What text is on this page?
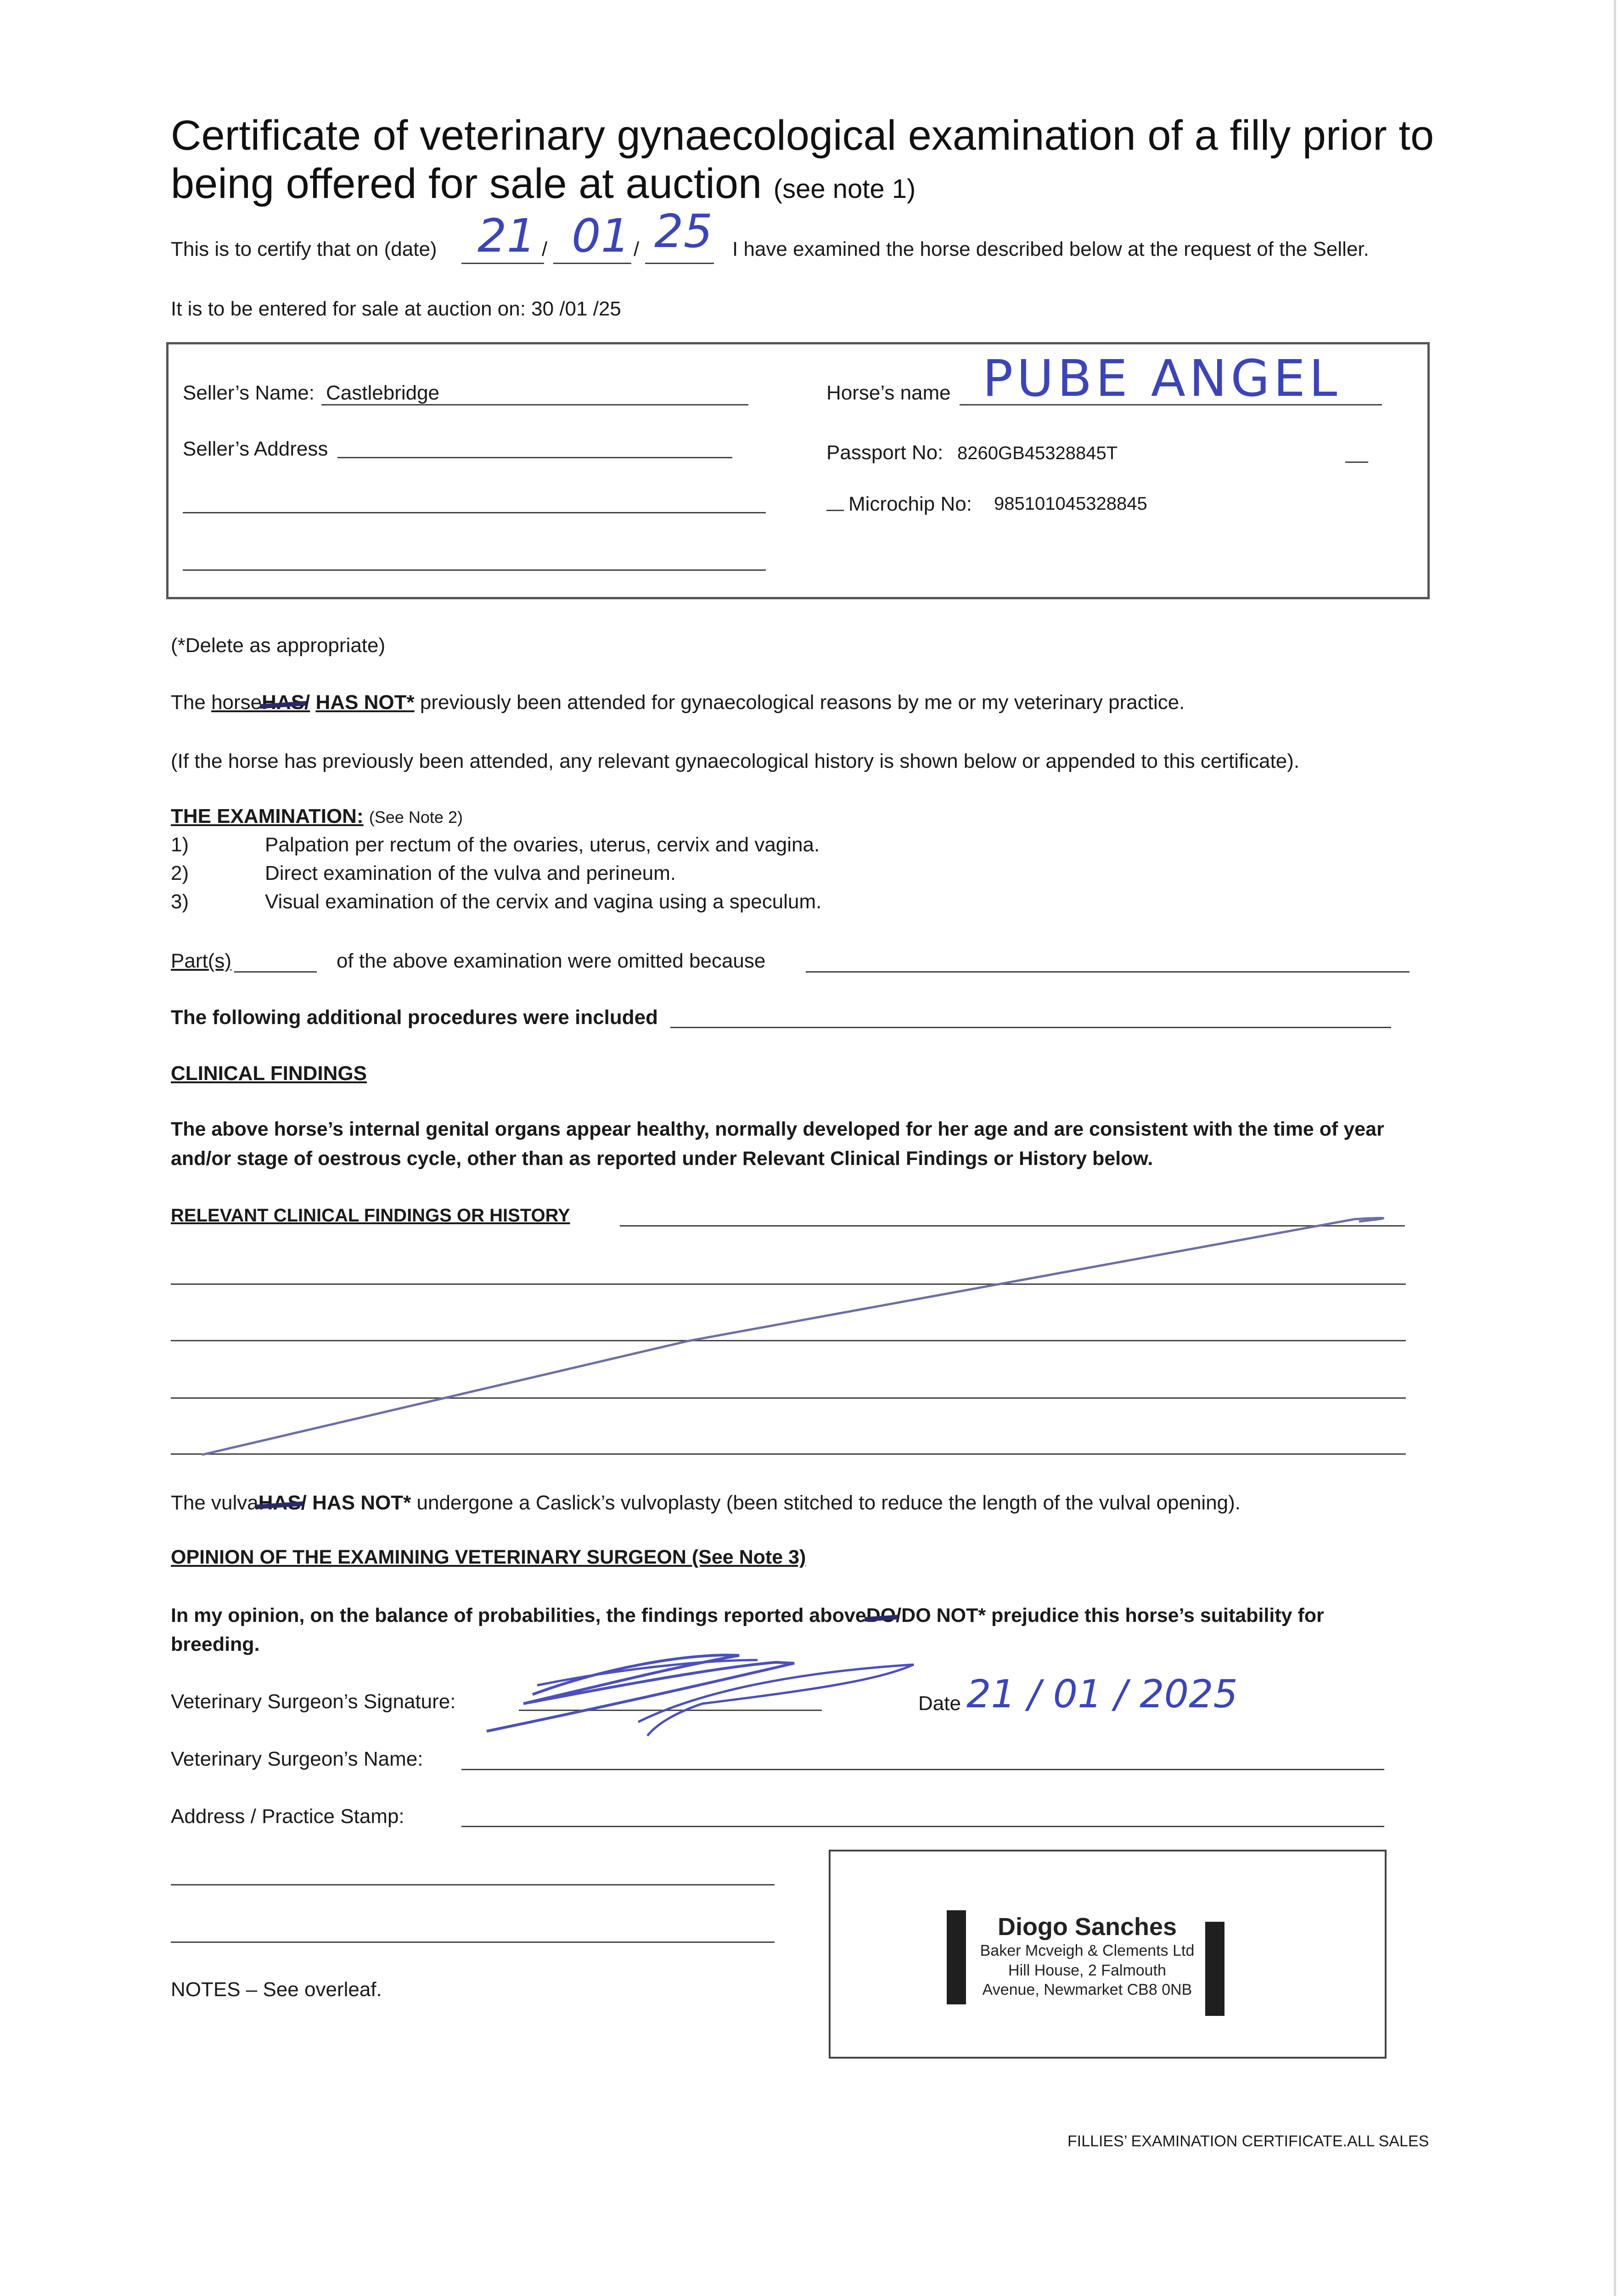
Certificate of veterinary gynaecological examination of a filly prior to
being offered for sale at auction (see note 1)
This is to certify that on (date) 21 / 01 / 25 I have examined the horse described below at the request of the Seller.
It is to be entered for sale at auction on: 30 /01 /25
Seller’s Name: Castlebridge
Seller’s Address
Horse’s name PUBE ANGEL
Passport No: 8260GB45328845T
Microchip No: 985101045328845
(*Delete as appropriate)
The horseHAS/ HAS NOT* previously been attended for gynaecological reasons by me or my veterinary practice.
(If the horse has previously been attended, any relevant gynaecological history is shown below or appended to this certificate).
THE EXAMINATION: (See Note 2)
1)	Palpation per rectum of the ovaries, uterus, cervix and vagina.
2)	Direct examination of the vulva and perineum.
3)	Visual examination of the cervix and vagina using a speculum.
Part(s)	of the above examination were omitted because
The following additional procedures were included
CLINICAL FINDINGS
The above horse’s internal genital organs appear healthy, normally developed for her age and are consistent with the time of year
and/or stage of oestrous cycle, other than as reported under Relevant Clinical Findings or History below.
RELEVANT CLINICAL FINDINGS OR HISTORY
The vulvaHAS/ HAS NOT* undergone a Caslick’s vulvoplasty (been stitched to reduce the length of the vulval opening).
OPINION OF THE EXAMINING VETERINARY SURGEON (See Note 3)
In my opinion, on the balance of probabilities, the findings reported aboveDO/DO NOT* prejudice this horse’s suitability for
breeding.
Veterinary Surgeon’s Signature:	Date 21 / 01 / 2025
Veterinary Surgeon’s Name:
Address / Practice Stamp:
Diogo Sanches
Baker Mcveigh & Clements Ltd
Hill House, 2 Falmouth
Avenue, Newmarket CB8 0NB
NOTES – See overleaf.
FILLIES’ EXAMINATION CERTIFICATE.ALL SALES
